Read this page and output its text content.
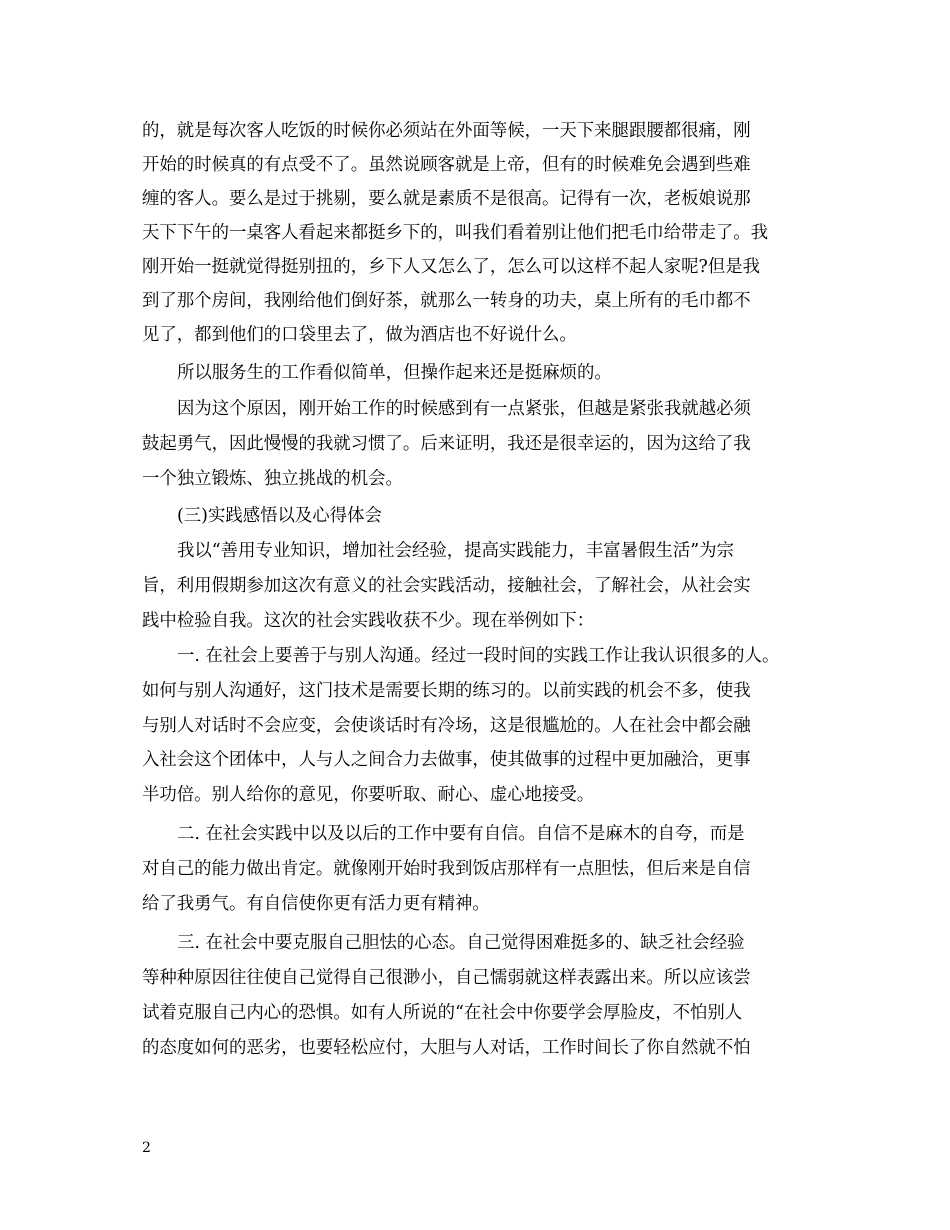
的，就是每次客人吃饭的时候你必须站在外面等候，一天下来腿跟腰都很痛，刚
开始的时候真的有点受不了。虽然说顾客就是上帝，但有的时候难免会遇到些难
缠的客人。要么是过于挑剔，要么就是素质不是很高。记得有一次，老板娘说那
天下下午的一桌客人看起来都挺乡下的，叫我们看着别让他们把毛巾给带走了。我
刚开始一挺就觉得挺别扭的，乡下人又怎么了，怎么可以这样不起人家呢?但是我
到了那个房间，我刚给他们倒好茶，就那么一转身的功夫，桌上所有的毛巾都不
见了，都到他们的口袋里去了，做为酒店也不好说什么。
所以服务生的工作看似简单，但操作起来还是挺麻烦的。
因为这个原因，刚开始工作的时候感到有一点紧张，但越是紧张我就越必须
鼓起勇气，因此慢慢的我就习惯了。后来证明，我还是很幸运的，因为这给了我
一个独立锻炼、独立挑战的机会。
(三)实践感悟以及心得体会
我以“善用专业知识，增加社会经验，提高实践能力，丰富暑假生活”为宗
旨，利用假期参加这次有意义的社会实践活动，接触社会，了解社会，从社会实
践中检验自我。这次的社会实践收获不少。现在举例如下：
一. 在社会上要善于与别人沟通。经过一段时间的实践工作让我认识很多的人。
如何与别人沟通好，这门技术是需要长期的练习的。以前实践的机会不多，使我
与别人对话时不会应变，会使谈话时有冷场，这是很尴尬的。人在社会中都会融
入社会这个团体中，人与人之间合力去做事，使其做事的过程中更加融洽，更事
半功倍。别人给你的意见，你要听取、耐心、虚心地接受。
二. 在社会实践中以及以后的工作中要有自信。自信不是麻木的自夸，而是
对自己的能力做出肯定。就像刚开始时我到饭店那样有一点胆怯，但后来是自信
给了我勇气。有自信使你更有活力更有精神。
三. 在社会中要克服自己胆怯的心态。自己觉得困难挺多的、缺乏社会经验
等种种原因往往使自己觉得自己很渺小，自己懦弱就这样表露出来。所以应该尝
试着克服自己内心的恐惧。如有人所说的“在社会中你要学会厚脸皮，不怕别人
的态度如何的恶劣，也要轻松应付，大胆与人对话，工作时间长了你自然就不怕
2
